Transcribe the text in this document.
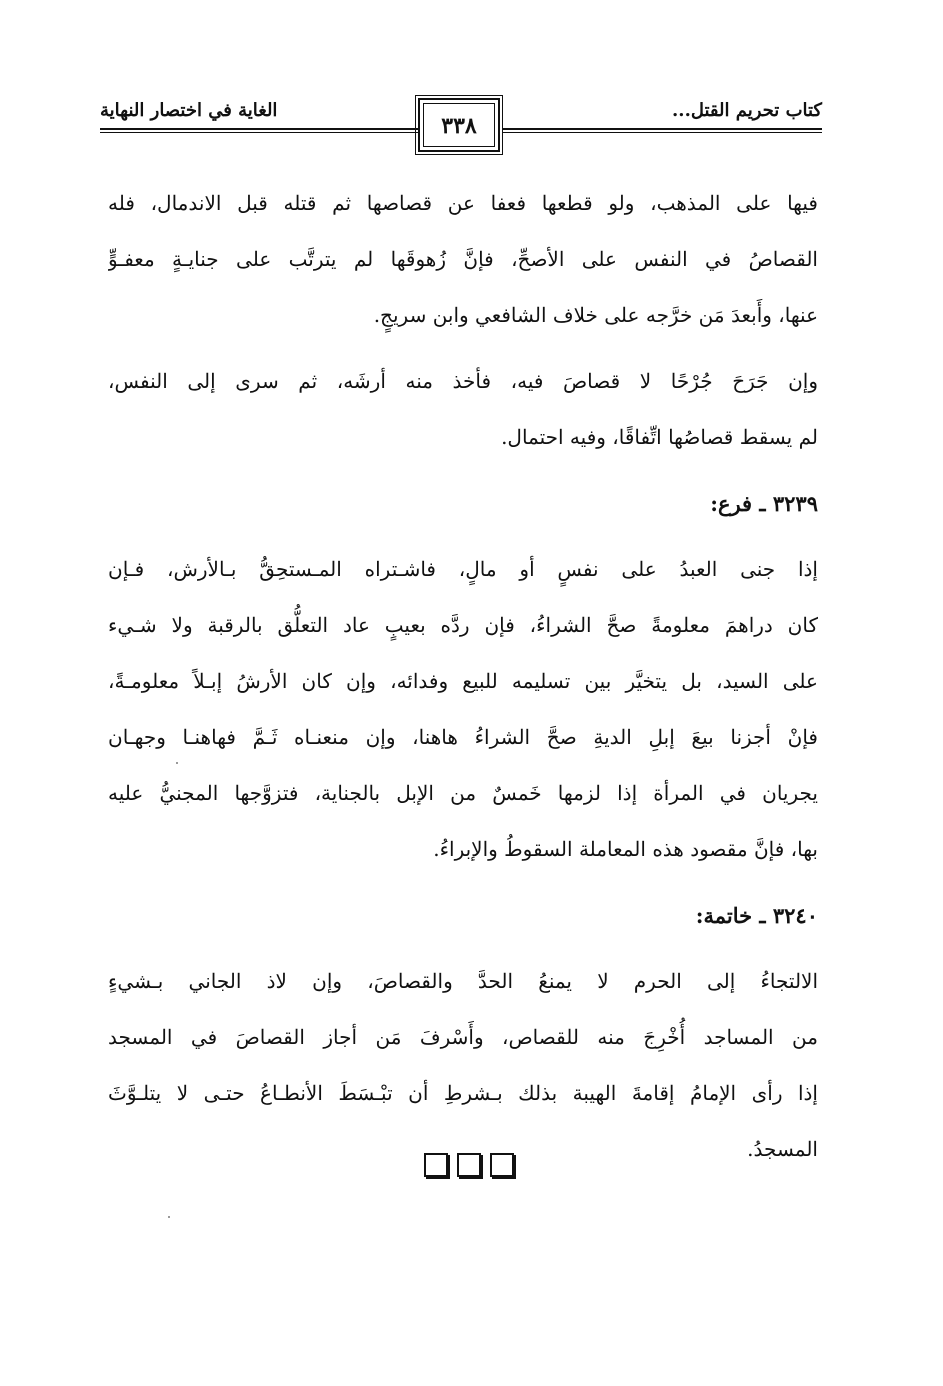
الغاية في اختصار النهاية
٣٣٨
كتاب تحريم القتل...
فيها على المذهب، ولو قطعها فعفا عن قصاصها ثم قتله قبل الاندمال، فله
القصاصُ في النفس على الأصحِّ، فإنَّ زُهوقَها لم يترتَّب على جنايـةٍ معفـوٍّ
عنها، وأَبعدَ مَن خرَّجه على خلاف الشافعي وابن سريجٍ.
وإن جَرَحَ جُرْحًا لا قصاصَ فيه، فأخذ منه أرشَه، ثم سرى إلى النفس،
لم يسقط قصاصُها اتِّفاقًا، وفيه احتمال.
٣٢٣٩ ـ فرع:
إذا جنى العبدُ على نفسٍ أو مالٍ، فاشـتراه المـستحِقُّ بـالأرش، فـإن
كان دراهمَ معلومةً صحَّ الشراءُ، فإن ردَّه بعيبٍ عاد التعلُّق بالرقبة ولا شـيء
على السيد، بل يتخيَّر بين تسليمه للبيع وفدائه، وإن كان الأرشُ إبـلاً معلومـةً،
فإنْ أجزنا بيعَ إبلِ الديةِ صحَّ الشراءُ هاهنا، وإن منعنـاه ثَـمَّ فهاهنـا وجهـان
يجريان في المرأة إذا لزمها خَمسٌ من الإبل بالجناية، فتزوَّجها المجنيُّ عليه
بها، فإنَّ مقصود هذه المعاملة السقوطُ والإبراءُ.
٣٢٤٠ ـ خاتمة:
الالتجاءُ إلى الحرم لا يمنعُ الحدَّ والقصاصَ، وإن لاذ الجاني بـشيءٍ
من المساجد أُخْرِجَ منه للقصاص، وأَسْرفَ مَن أجاز القصاصَ في المسجد
إذا رأى الإمامُ إقامةَ الهيبة بذلك بـشرطِ أن تبْـسَطَ الأنطـاعُ حتـى لا يتلـوَّثَ
المسجدُ.
